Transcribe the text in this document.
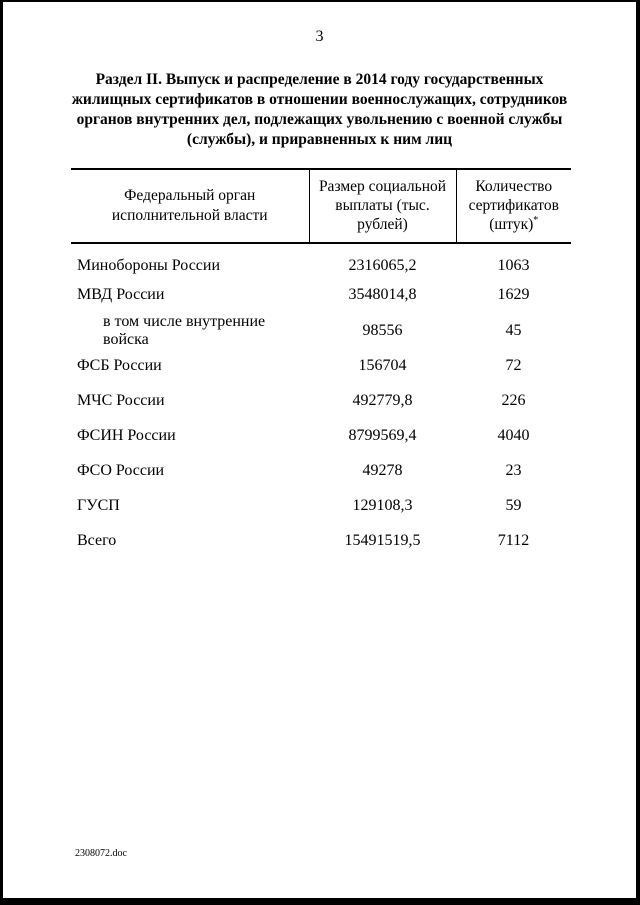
3
Раздел II. Выпуск и распределение в 2014 году государственных жилищных сертификатов в отношении военнослужащих, сотрудников органов внутренних дел, подлежащих увольнению с военной службы (службы), и приравненных к ним лиц
Федеральный орган исполнительной власти	Размер социальной выплаты (тыс. рублей)	Количество сертификатов (штук)*
Минобороны России	2316065,2	1063
МВД России	3548014,8	1629
в том числе внутренние войска	98556	45
ФСБ России	156704	72
МЧС России	492779,8	226
ФСИН России	8799569,4	4040
ФСО России	49278	23
ГУСП	129108,3	59
Всего	15491519,5	7112
2308072.doc
